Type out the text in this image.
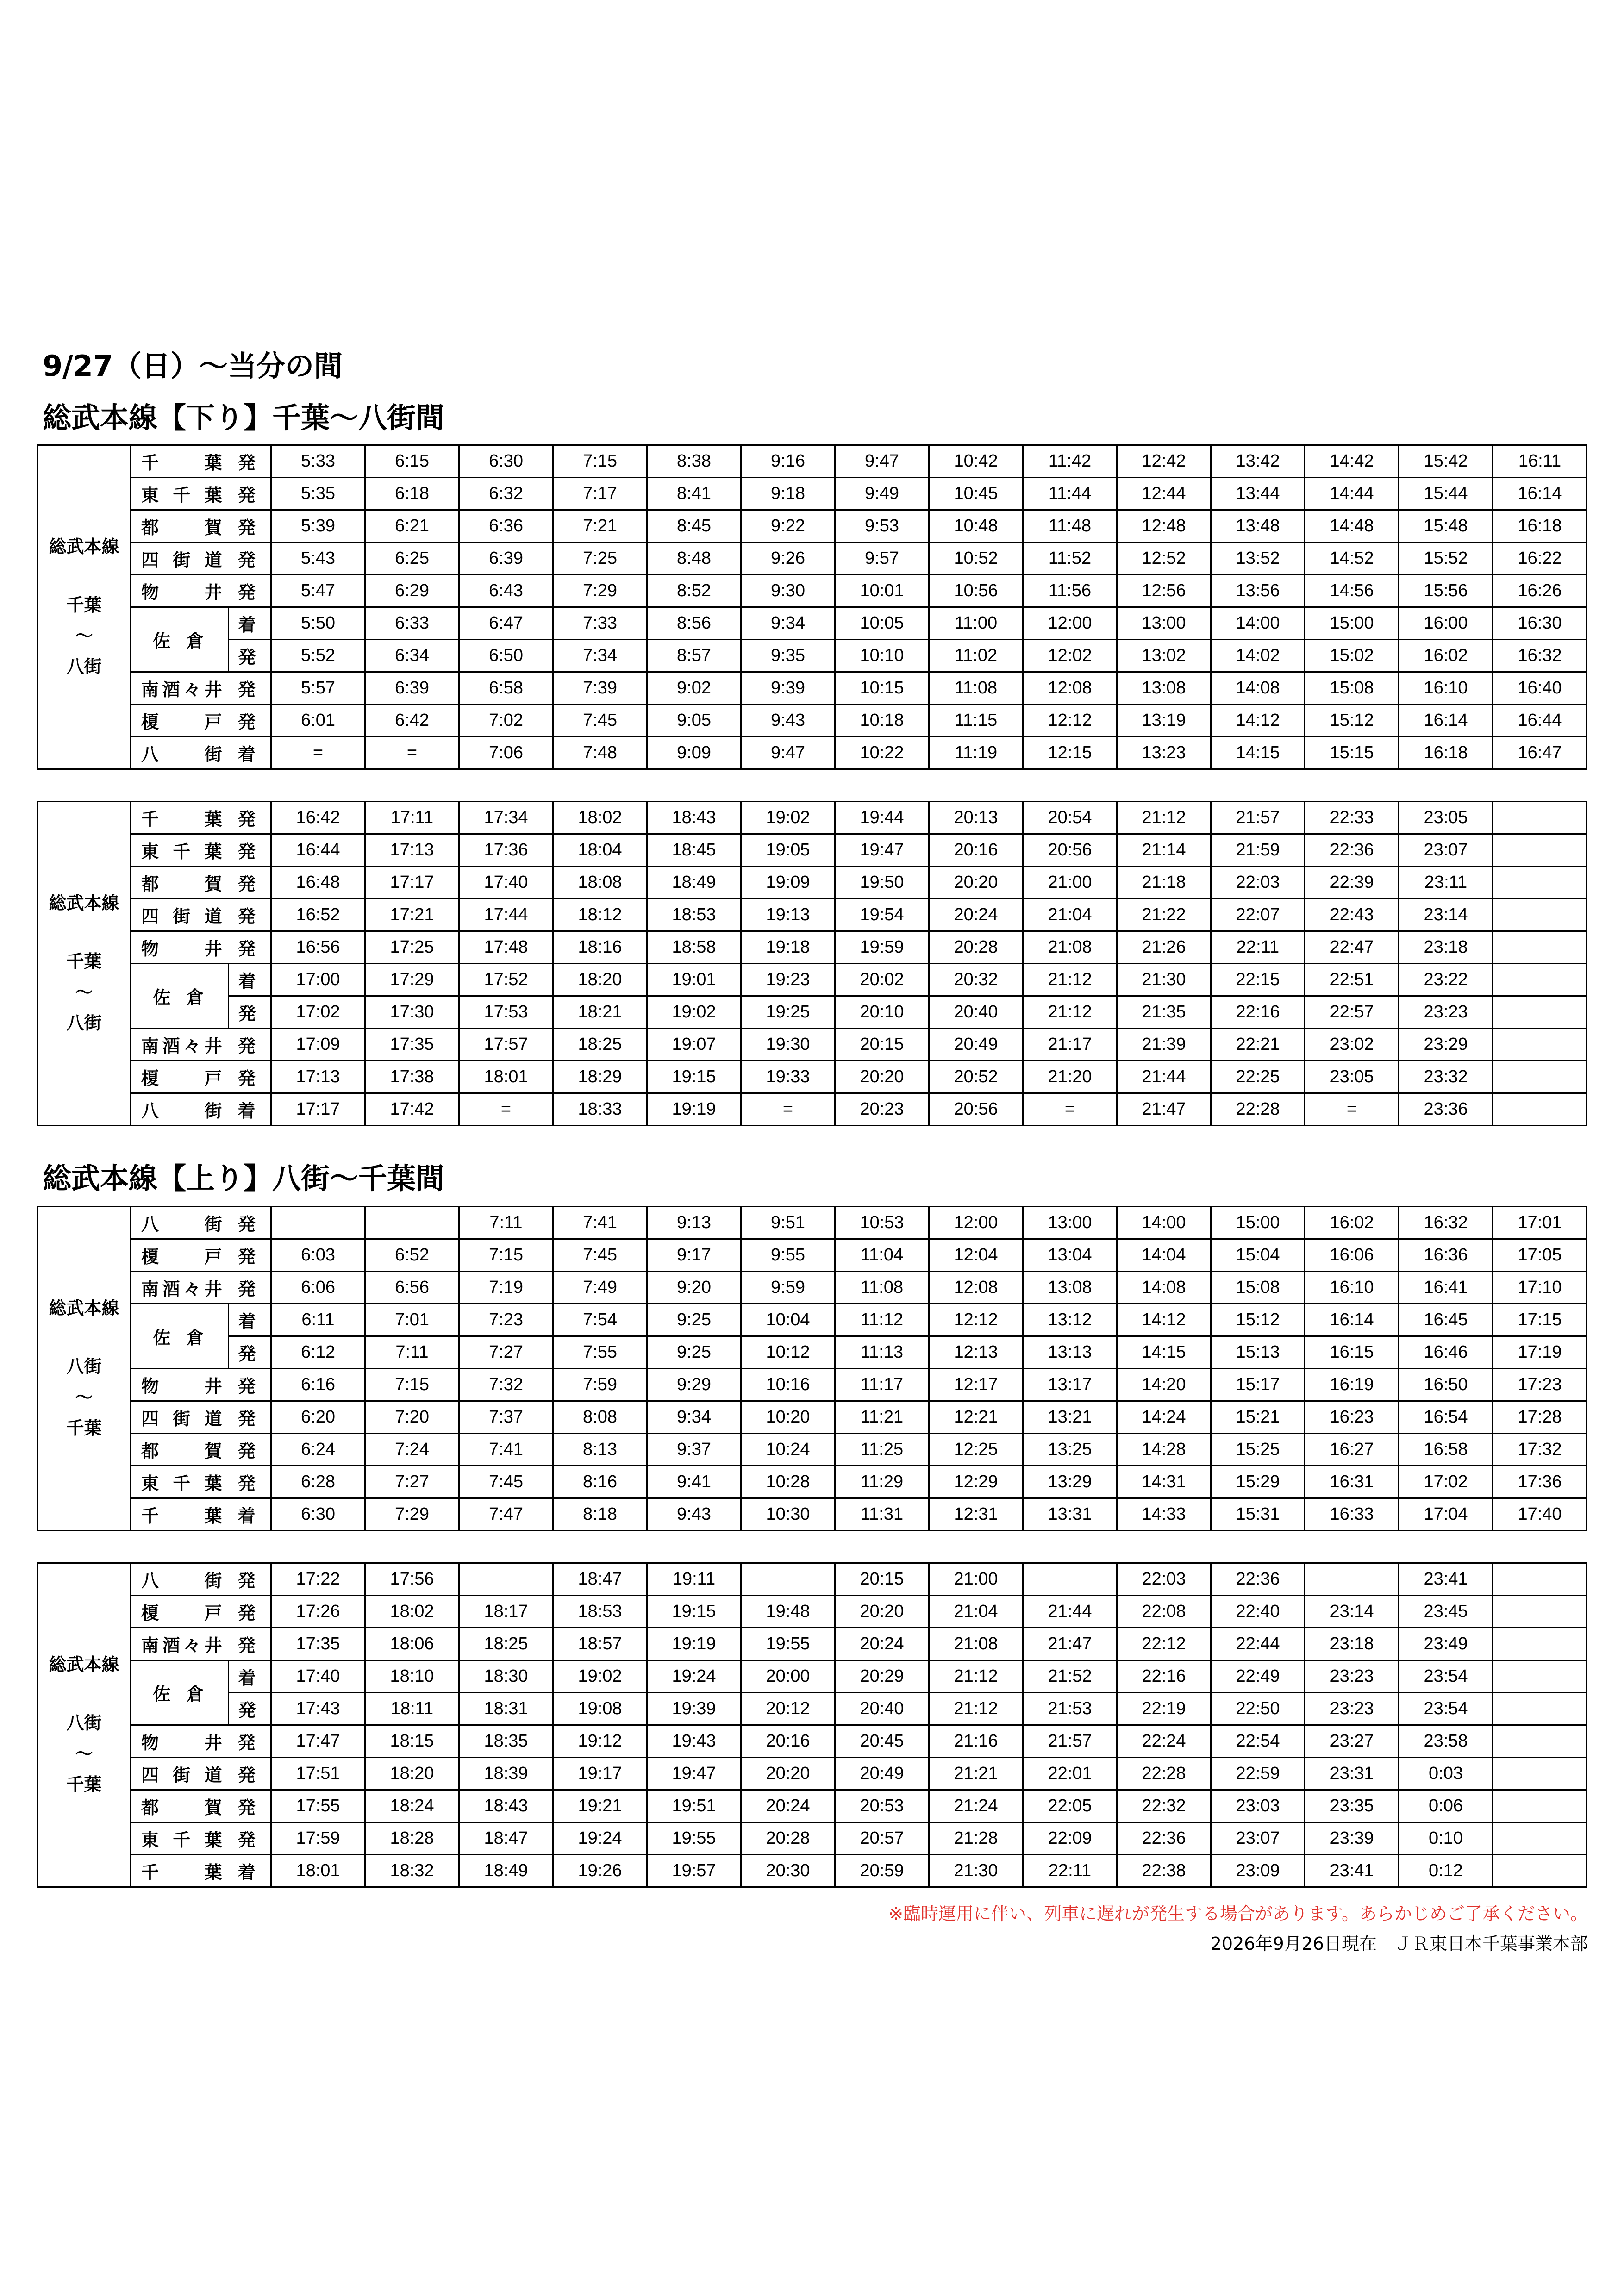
9/27（日）～当分の間
総武本線【下り】千葉～八街間
総武本線
千葉
～
八街	千葉	発	5:33	6:15	6:30	7:15	8:38	9:16	9:47	10:42	11:42	12:42	13:42	14:42	15:42	16:11
	東千葉	発	5:35	6:18	6:32	7:17	8:41	9:18	9:49	10:45	11:44	12:44	13:44	14:44	15:44	16:14
	都賀	発	5:39	6:21	6:36	7:21	8:45	9:22	9:53	10:48	11:48	12:48	13:48	14:48	15:48	16:18
	四街道	発	5:43	6:25	6:39	7:25	8:48	9:26	9:57	10:52	11:52	12:52	13:52	14:52	15:52	16:22
	物井	発	5:47	6:29	6:43	7:29	8:52	9:30	10:01	10:56	11:56	12:56	13:56	14:56	15:56	16:26
	佐倉	着	5:50	6:33	6:47	7:33	8:56	9:34	10:05	11:00	12:00	13:00	14:00	15:00	16:00	16:30
		発	5:52	6:34	6:50	7:34	8:57	9:35	10:10	11:02	12:02	13:02	14:02	15:02	16:02	16:32
	南酒々井	発	5:57	6:39	6:58	7:39	9:02	9:39	10:15	11:08	12:08	13:08	14:08	15:08	16:10	16:40
	榎戸	発	6:01	6:42	7:02	7:45	9:05	9:43	10:18	11:15	12:12	13:19	14:12	15:12	16:14	16:44
	八街	着	=	=	7:06	7:48	9:09	9:47	10:22	11:19	12:15	13:23	14:15	15:15	16:18	16:47
総武本線
千葉
～
八街	千葉	発	16:42	17:11	17:34	18:02	18:43	19:02	19:44	20:13	20:54	21:12	21:57	22:33	23:05	
	東千葉	発	16:44	17:13	17:36	18:04	18:45	19:05	19:47	20:16	20:56	21:14	21:59	22:36	23:07	
	都賀	発	16:48	17:17	17:40	18:08	18:49	19:09	19:50	20:20	21:00	21:18	22:03	22:39	23:11	
	四街道	発	16:52	17:21	17:44	18:12	18:53	19:13	19:54	20:24	21:04	21:22	22:07	22:43	23:14	
	物井	発	16:56	17:25	17:48	18:16	18:58	19:18	19:59	20:28	21:08	21:26	22:11	22:47	23:18	
	佐倉	着	17:00	17:29	17:52	18:20	19:01	19:23	20:02	20:32	21:12	21:30	22:15	22:51	23:22	
		発	17:02	17:30	17:53	18:21	19:02	19:25	20:10	20:40	21:12	21:35	22:16	22:57	23:23	
	南酒々井	発	17:09	17:35	17:57	18:25	19:07	19:30	20:15	20:49	21:17	21:39	22:21	23:02	23:29	
	榎戸	発	17:13	17:38	18:01	18:29	19:15	19:33	20:20	20:52	21:20	21:44	22:25	23:05	23:32	
	八街	着	17:17	17:42	=	18:33	19:19	=	20:23	20:56	=	21:47	22:28	=	23:36	
総武本線【上り】八街～千葉間
総武本線
八街
～
千葉	八街	発			7:11	7:41	9:13	9:51	10:53	12:00	13:00	14:00	15:00	16:02	16:32	17:01
	榎戸	発	6:03	6:52	7:15	7:45	9:17	9:55	11:04	12:04	13:04	14:04	15:04	16:06	16:36	17:05
	南酒々井	発	6:06	6:56	7:19	7:49	9:20	9:59	11:08	12:08	13:08	14:08	15:08	16:10	16:41	17:10
	佐倉	着	6:11	7:01	7:23	7:54	9:25	10:04	11:12	12:12	13:12	14:12	15:12	16:14	16:45	17:15
		発	6:12	7:11	7:27	7:55	9:25	10:12	11:13	12:13	13:13	14:15	15:13	16:15	16:46	17:19
	物井	発	6:16	7:15	7:32	7:59	9:29	10:16	11:17	12:17	13:17	14:20	15:17	16:19	16:50	17:23
	四街道	発	6:20	7:20	7:37	8:08	9:34	10:20	11:21	12:21	13:21	14:24	15:21	16:23	16:54	17:28
	都賀	発	6:24	7:24	7:41	8:13	9:37	10:24	11:25	12:25	13:25	14:28	15:25	16:27	16:58	17:32
	東千葉	発	6:28	7:27	7:45	8:16	9:41	10:28	11:29	12:29	13:29	14:31	15:29	16:31	17:02	17:36
	千葉	着	6:30	7:29	7:47	8:18	9:43	10:30	11:31	12:31	13:31	14:33	15:31	16:33	17:04	17:40
総武本線
八街
～
千葉	八街	発	17:22	17:56		18:47	19:11		20:15	21:00		22:03	22:36		23:41	
	榎戸	発	17:26	18:02	18:17	18:53	19:15	19:48	20:20	21:04	21:44	22:08	22:40	23:14	23:45	
	南酒々井	発	17:35	18:06	18:25	18:57	19:19	19:55	20:24	21:08	21:47	22:12	22:44	23:18	23:49	
	佐倉	着	17:40	18:10	18:30	19:02	19:24	20:00	20:29	21:12	21:52	22:16	22:49	23:23	23:54	
		発	17:43	18:11	18:31	19:08	19:39	20:12	20:40	21:12	21:53	22:19	22:50	23:23	23:54	
	物井	発	17:47	18:15	18:35	19:12	19:43	20:16	20:45	21:16	21:57	22:24	22:54	23:27	23:58	
	四街道	発	17:51	18:20	18:39	19:17	19:47	20:20	20:49	21:21	22:01	22:28	22:59	23:31	0:03	
	都賀	発	17:55	18:24	18:43	19:21	19:51	20:24	20:53	21:24	22:05	22:32	23:03	23:35	0:06	
	東千葉	発	17:59	18:28	18:47	19:24	19:55	20:28	20:57	21:28	22:09	22:36	23:07	23:39	0:10	
	千葉	着	18:01	18:32	18:49	19:26	19:57	20:30	20:59	21:30	22:11	22:38	23:09	23:41	0:12	
※臨時運用に伴い、列車に遅れが発生する場合があります。あらかじめご了承ください。
2026年9月26日現在　ＪＲ東日本千葉事業本部
